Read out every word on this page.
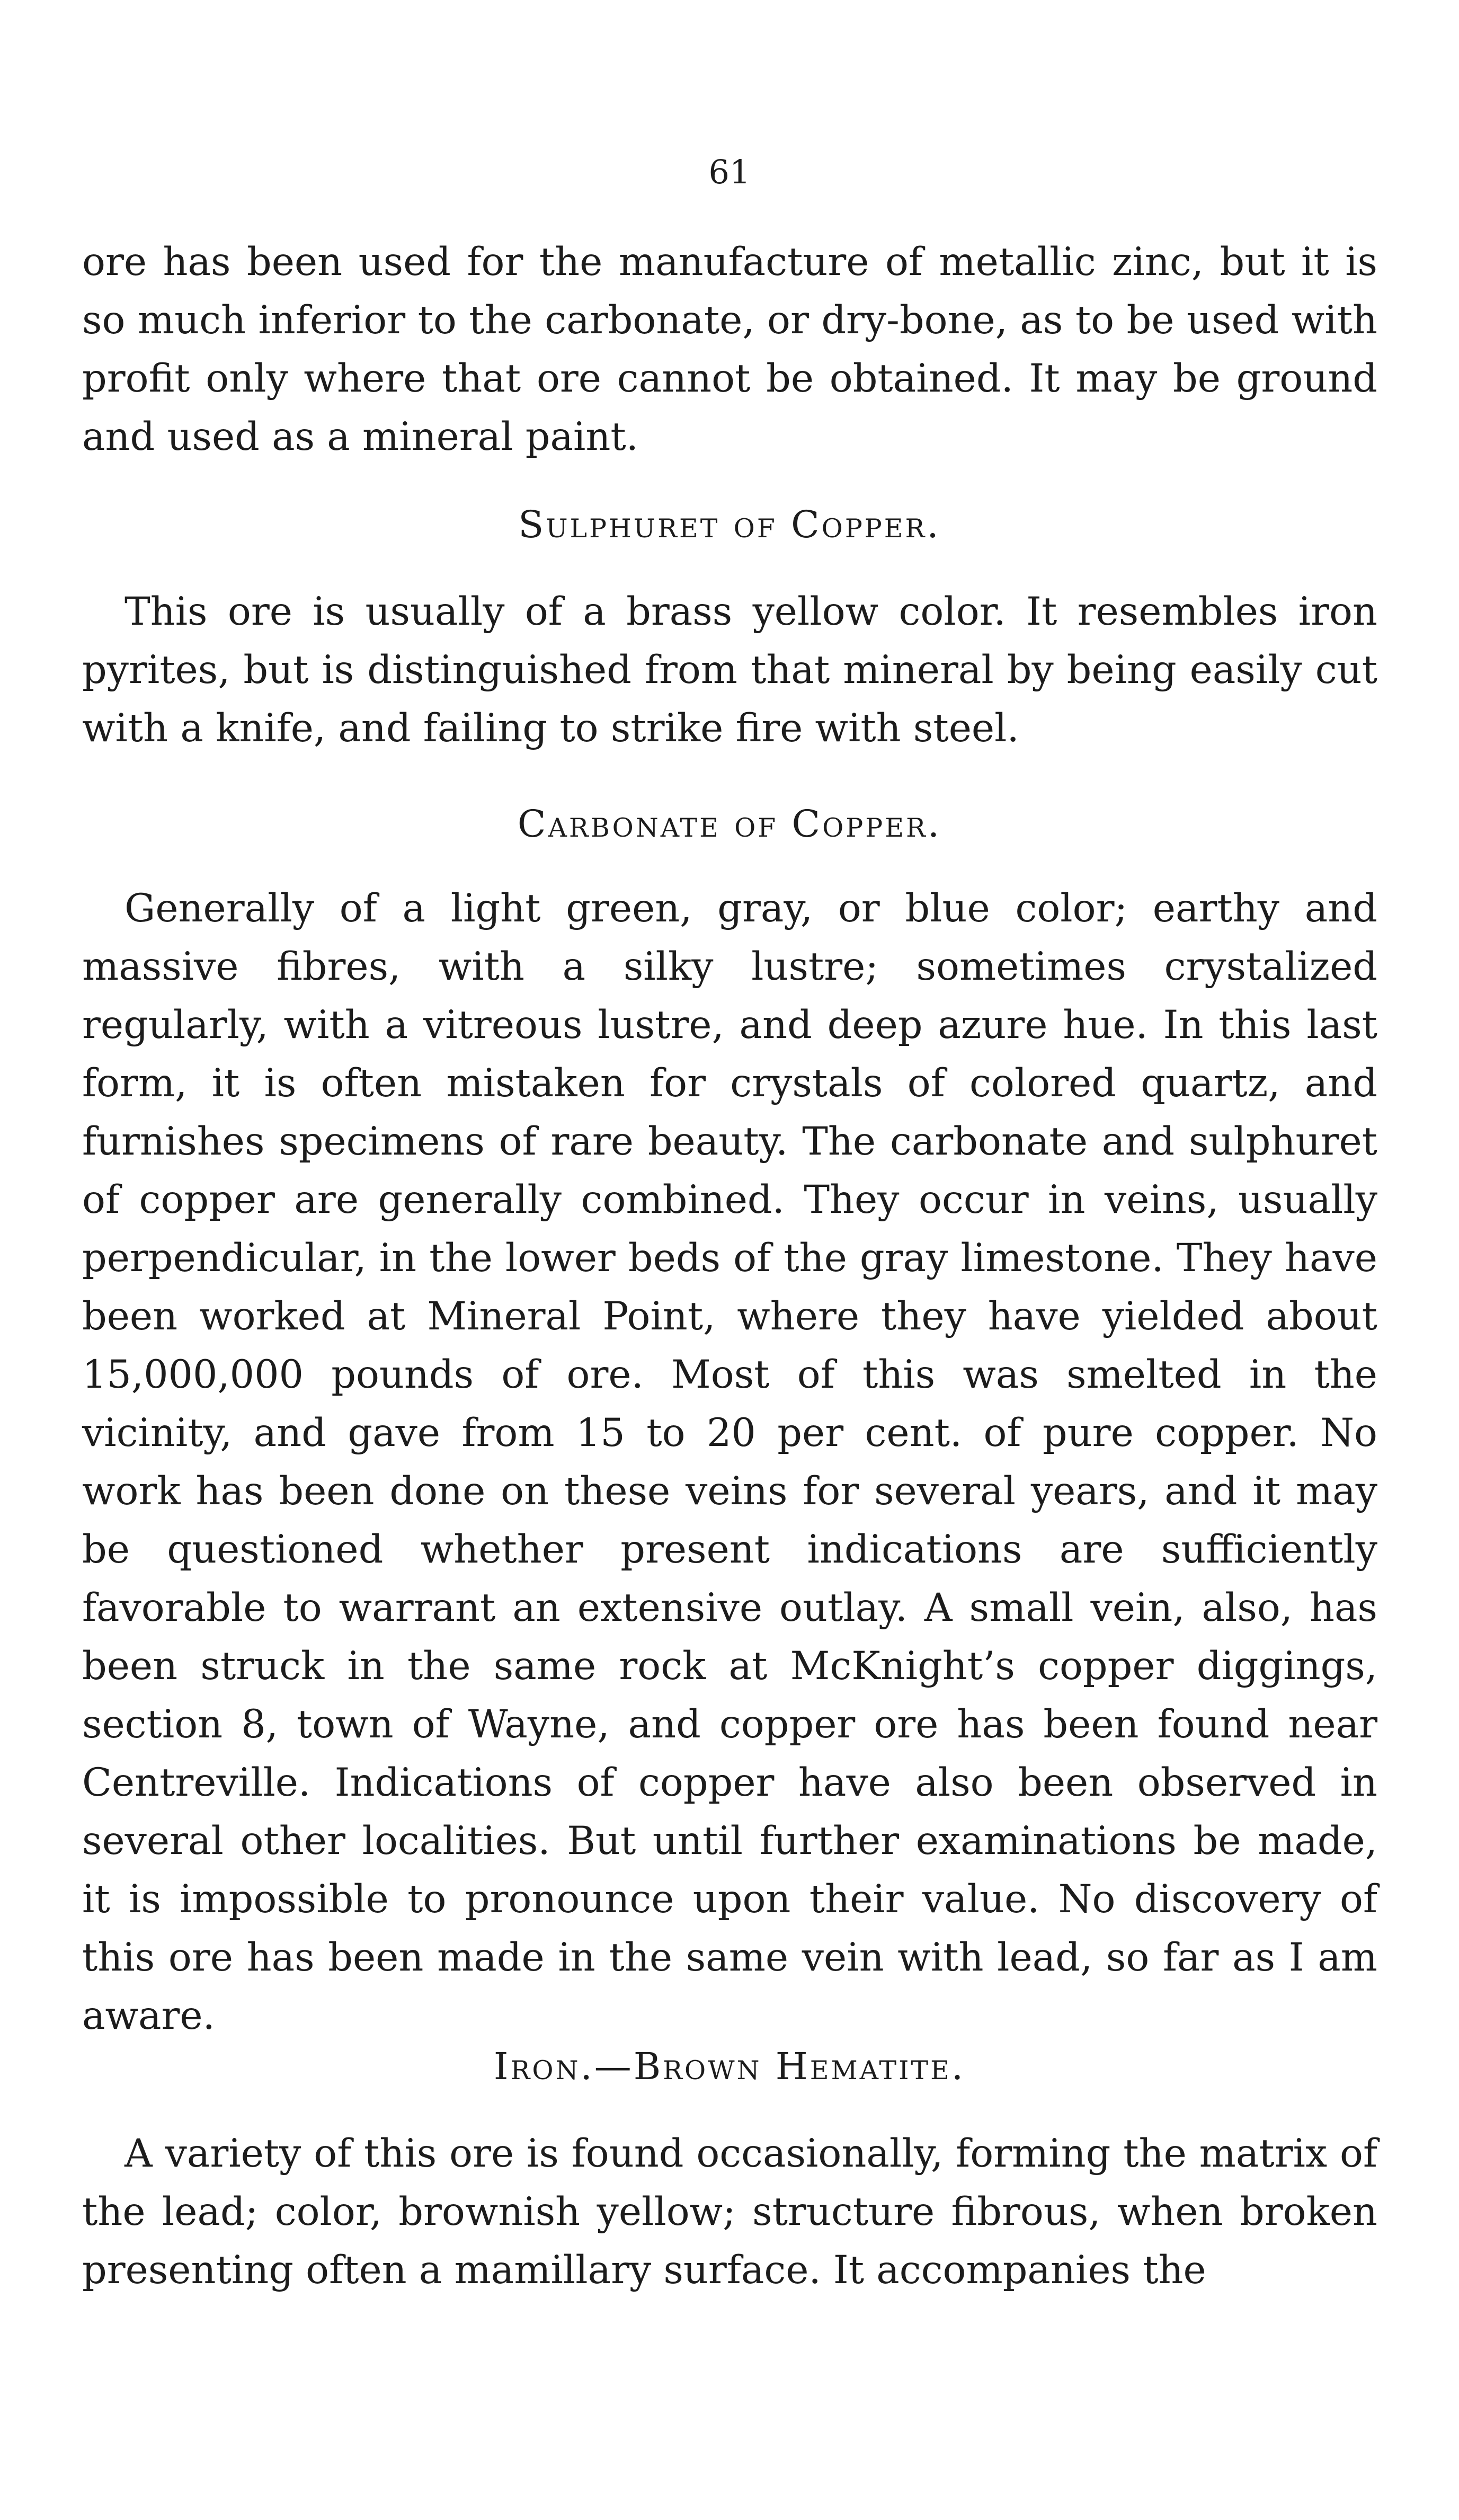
61

ore has been used for the manufacture of metallic zinc, but it is so much inferior to the carbonate, or dry-bone, as to be used with profit only where that ore cannot be obtained. It may be ground and used as a mineral paint.

Sulphuret of Copper.

This ore is usually of a brass yellow color. It resembles iron pyrites, but is distinguished from that mineral by being easily cut with a knife, and failing to strike fire with steel.

Carbonate of Copper.

Generally of a light green, gray, or blue color; earthy and massive fibres, with a silky lustre; sometimes crystalized regularly, with a vitreous lustre, and deep azure hue. In this last form, it is often mistaken for crystals of colored quartz, and furnishes specimens of rare beauty. The carbonate and sulphuret of copper are generally combined. They occur in veins, usually perpendicular, in the lower beds of the gray limestone. They have been worked at Mineral Point, where they have yielded about 15,000,000 pounds of ore. Most of this was smelted in the vicinity, and gave from 15 to 20 per cent. of pure copper. No work has been done on these veins for several years, and it may be questioned whether present indications are sufficiently favorable to warrant an extensive outlay. A small vein, also, has been struck in the same rock at McKnight’s copper diggings, section 8, town of Wayne, and copper ore has been found near Centreville. Indications of copper have also been observed in several other localities. But until further examinations be made, it is impossible to pronounce upon their value. No discovery of this ore has been made in the same vein with lead, so far as I am aware.

Iron.—Brown Hematite.

A variety of this ore is found occasionally, forming the matrix of the lead; color, brownish yellow; structure fibrous, when broken presenting often a mamillary surface. It accompanies the
